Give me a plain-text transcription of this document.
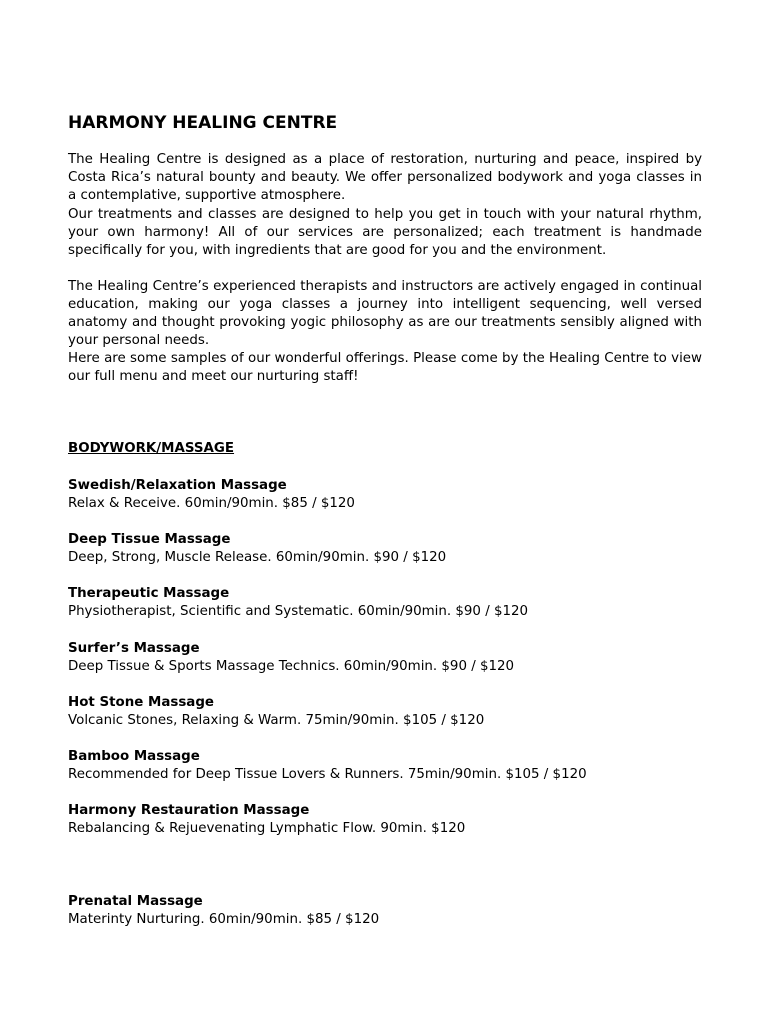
HARMONY HEALING CENTRE

The Healing Centre is designed as a place of restoration, nurturing and peace, inspired by Costa Rica’s natural bounty and beauty. We offer personalized bodywork and yoga classes in a contemplative, supportive atmosphere.

Our treatments and classes are designed to help you get in touch with your natural rhythm, your own harmony! All of our services are personalized; each treatment is handmade specifically for you, with ingredients that are good for you and the environment.

The Healing Centre’s experienced therapists and instructors are actively engaged in continual education, making our yoga classes a journey into intelligent sequencing, well versed anatomy and thought provoking yogic philosophy as are our treatments sensibly aligned with your personal needs.

Here are some samples of our wonderful offerings. Please come by the Healing Centre to view our full menu and meet our nurturing staff!

BODYWORK/MASSAGE

Swedish/Relaxation Massage

Relax & Receive. 60min/90min. $85 / $120

Deep Tissue Massage

Deep, Strong, Muscle Release. 60min/90min. $90 / $120

Therapeutic Massage

Physiotherapist, Scientific and Systematic. 60min/90min. $90 / $120

Surfer’s Massage

Deep Tissue & Sports Massage Technics. 60min/90min. $90 / $120

Hot Stone Massage

Volcanic Stones, Relaxing & Warm. 75min/90min. $105 / $120

Bamboo Massage

Recommended for Deep Tissue Lovers & Runners. 75min/90min. $105 / $120

Harmony Restauration Massage

Rebalancing & Rejuevenating Lymphatic Flow. 90min. $120

Prenatal Massage

Materinty Nurturing. 60min/90min. $85 / $120
